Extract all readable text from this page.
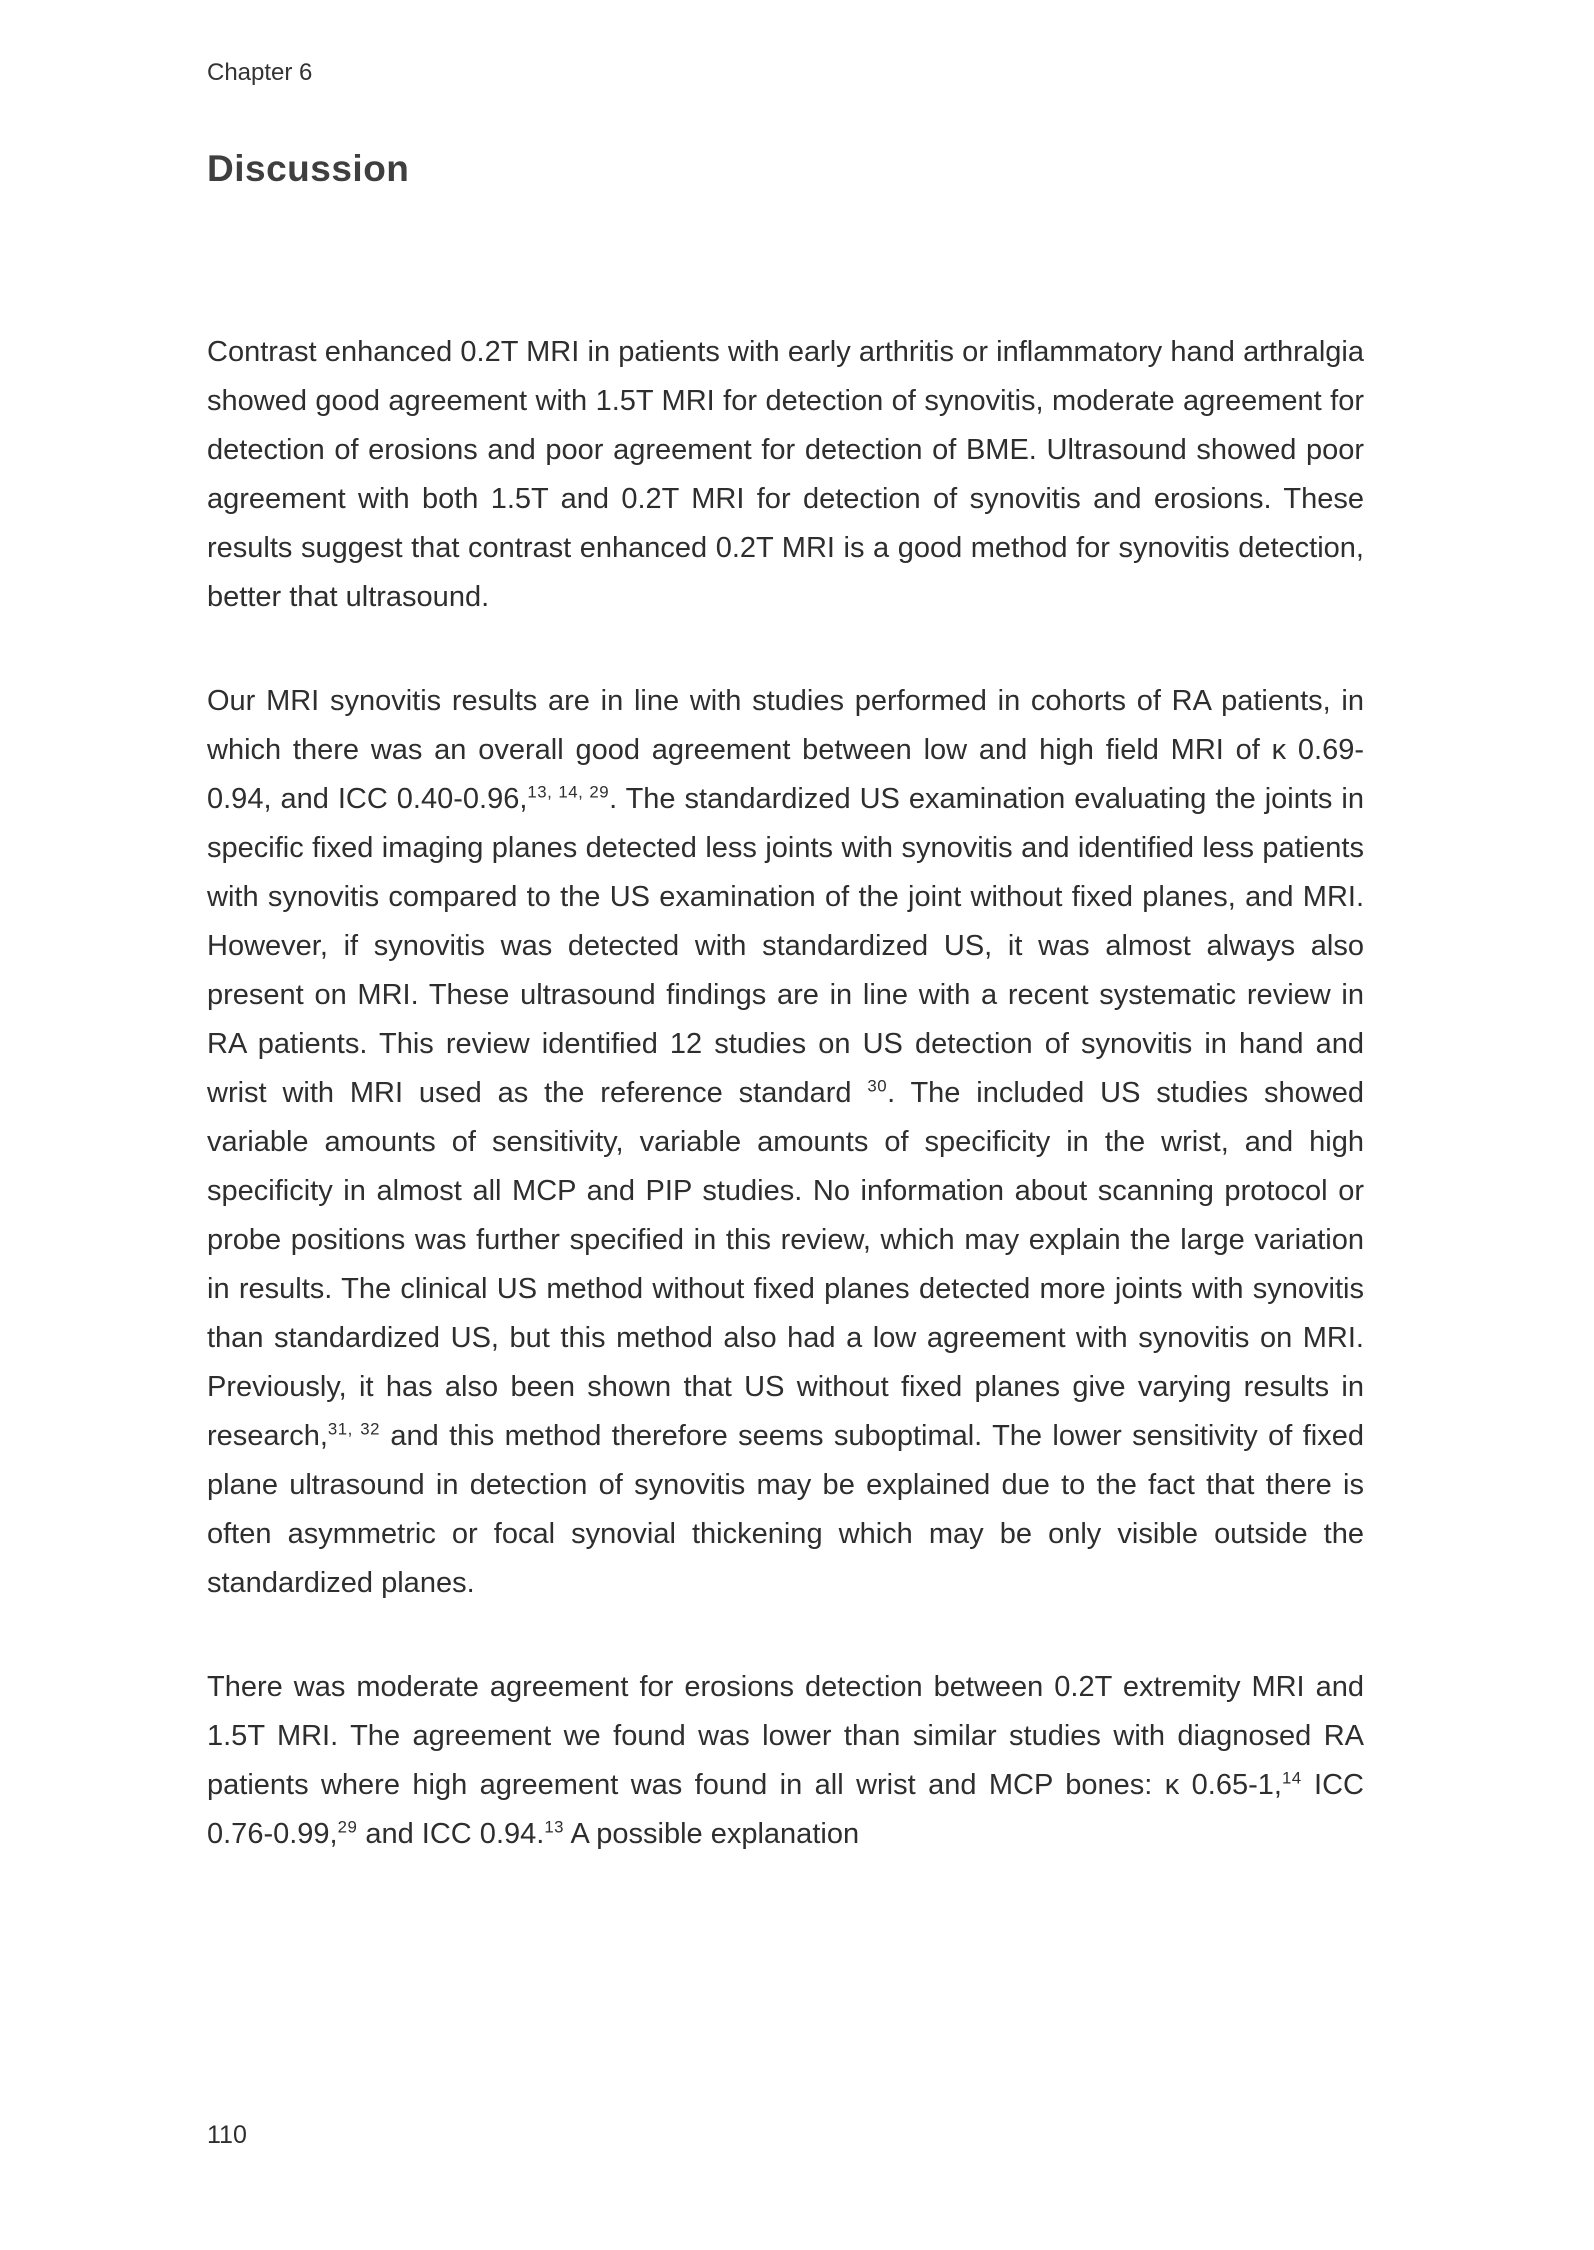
Chapter 6
Discussion

Contrast enhanced 0.2T MRI in patients with early arthritis or inflammatory hand arthralgia showed good agreement with 1.5T MRI for detection of synovitis, moderate agreement for detection of erosions and poor agreement for detection of BME. Ultrasound showed poor agreement with both 1.5T and 0.2T MRI for detection of synovitis and erosions. These results suggest that contrast enhanced 0.2T MRI is a good method for synovitis detection, better that ultrasound.

Our MRI synovitis results are in line with studies performed in cohorts of RA patients, in which there was an overall good agreement between low and high field MRI of κ 0.69-0.94, and ICC 0.40-0.96,$^{13, 14, 29}$. The standardized US examination evaluating the joints in specific fixed imaging planes detected less joints with synovitis and identified less patients with synovitis compared to the US examination of the joint without fixed planes, and MRI. However, if synovitis was detected with standardized US, it was almost always also present on MRI. These ultrasound findings are in line with a recent systematic review in RA patients. This review identified 12 studies on US detection of synovitis in hand and wrist with MRI used as the reference standard $^{30}$. The included US studies showed variable amounts of sensitivity, variable amounts of specificity in the wrist, and high specificity in almost all MCP and PIP studies. No information about scanning protocol or probe positions was further specified in this review, which may explain the large variation in results. The clinical US method without fixed planes detected more joints with synovitis than standardized US, but this method also had a low agreement with synovitis on MRI. Previously, it has also been shown that US without fixed planes give varying results in research,$^{31, 32}$ and this method therefore seems suboptimal. The lower sensitivity of fixed plane ultrasound in detection of synovitis may be explained due to the fact that there is often asymmetric or focal synovial thickening which may be only visible outside the standardized planes.

There was moderate agreement for erosions detection between 0.2T extremity MRI and 1.5T MRI. The agreement we found was lower than similar studies with diagnosed RA patients where high agreement was found in all wrist and MCP bones: κ 0.65-1,14 ICC 0.76-0.99,29 and ICC 0.94.13 A possible explanation

110
